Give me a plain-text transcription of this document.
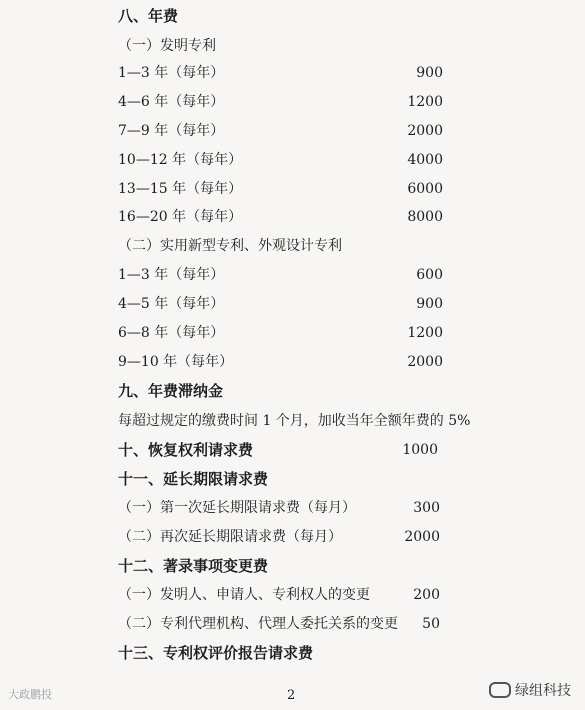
八、年费
（一）发明专利
1—3 年（每年）	900
4—6 年（每年）	1200
7—9 年（每年）	2000
10—12 年（每年）	4000
13—15 年（每年）	6000
16—20 年（每年）	8000
（二）实用新型专利、外观设计专利
1—3 年（每年）	600
4—5 年（每年）	900
6—8 年（每年）	1200
9—10 年（每年）	2000
九、年费滞纳金
每超过规定的缴费时间 1 个月，加收当年全额年费的 5%
十、恢复权利请求费	1000
十一、延长期限请求费
（一）第一次延长期限请求费（每月）	300
（二）再次延长期限请求费（每月）	2000
十二、著录事项变更费
（一）发明人、申请人、专利权人的变更	200
（二）专利代理机构、代理人委托关系的变更	50
十三、专利权评价报告请求费
2
大政鹏投	绿组科技
